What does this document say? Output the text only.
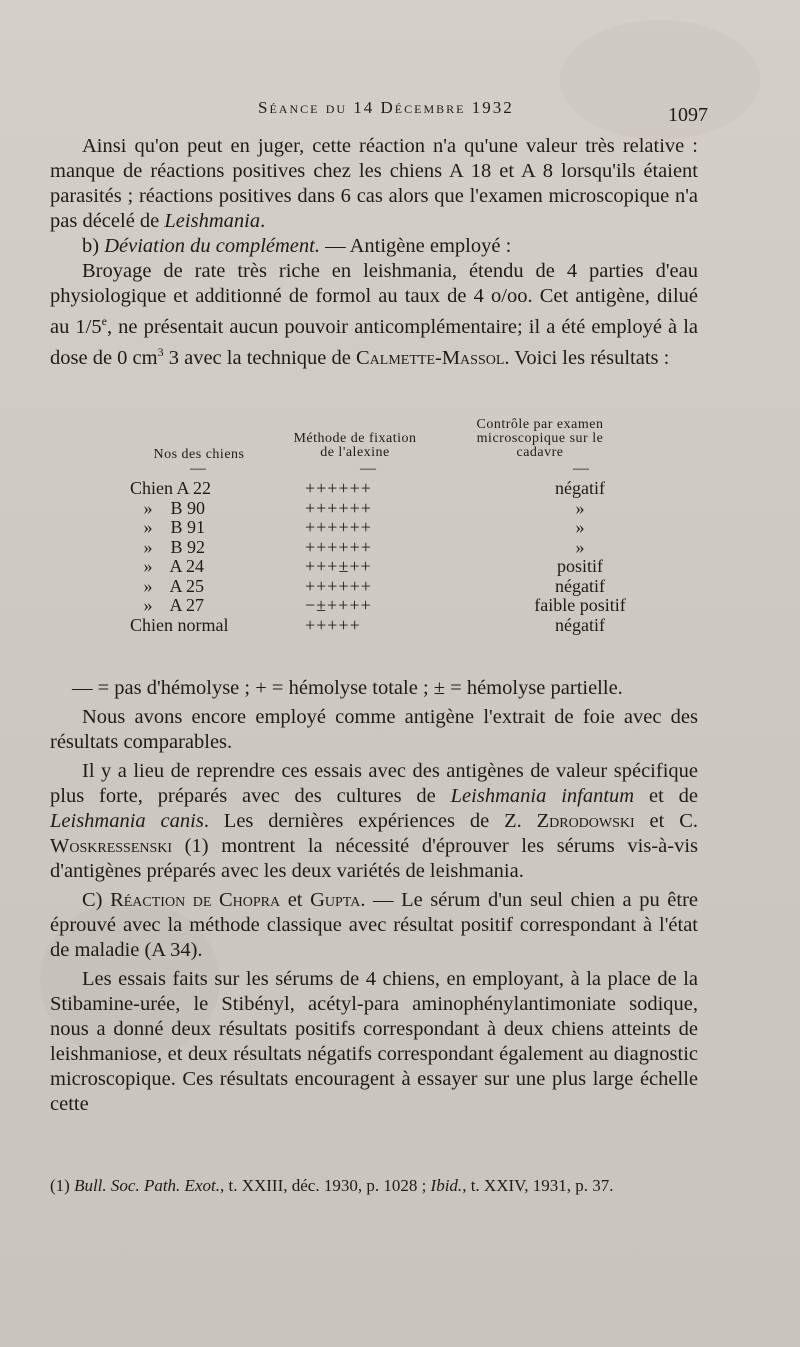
Séance du 14 Décembre 1932	1097

Ainsi qu'on peut en juger, cette réaction n'a qu'une valeur très relative : manque de réactions positives chez les chiens A 18 et A 8 lorsqu'ils étaient parasités ; réactions positives dans 6 cas alors que l'examen microscopique n'a pas décelé de Leishmania.

b) Déviation du complément. — Antigène employé :

Broyage de rate très riche en leishmania, étendu de 4 parties d'eau physiologique et additionné de formol au taux de 4 o/oo. Cet antigène, dilué au 1/5e, ne présentait aucun pouvoir anticomplémentaire; il a été employé à la dose de 0 $cm^3$ 3 avec la technique de Calmette-Massol. Voici les résultats :

Nos des chiens
Méthode de fixation de l'alexine
Contrôle par examen microscopique sur le cadavre
—	—	—
Chien A 22	++++++	négatif
»    B 90	++++++	»
»    B 91	++++++	»
»    B 92	++++++	»
»    A 24	+++±++	positif
»    A 25	++++++	négatif
»    A 27	−±++++	faible positif
Chien normal	+++++	négatif

— = pas d'hémolyse ; + = hémolyse totale ; ± = hémolyse partielle.

Nous avons encore employé comme antigène l'extrait de foie avec des résultats comparables.

Il y a lieu de reprendre ces essais avec des antigènes de valeur spécifique plus forte, préparés avec des cultures de Leishmania infantum et de Leishmania canis. Les dernières expériences de Z. Zdrodowski et C. Woskressenski (1) montrent la nécessité d'éprouver les sérums vis-à-vis d'antigènes préparés avec les deux variétés de leishmania.

C) Réaction de Chopra et Gupta. — Le sérum d'un seul chien a pu être éprouvé avec la méthode classique avec résultat positif correspondant à l'état de maladie (A 34).

Les essais faits sur les sérums de 4 chiens, en employant, à la place de la Stibamine-urée, le Stibényl, acétyl-para aminophénylantimoniate sodique, nous a donné deux résultats positifs correspondant à deux chiens atteints de leishmaniose, et deux résultats négatifs correspondant également au diagnostic microscopique. Ces résultats encouragent à essayer sur une plus large échelle cette

(1) Bull. Soc. Path. Exot., t. XXIII, déc. 1930, p. 1028 ; Ibid., t. XXIV, 1931, p. 37.
